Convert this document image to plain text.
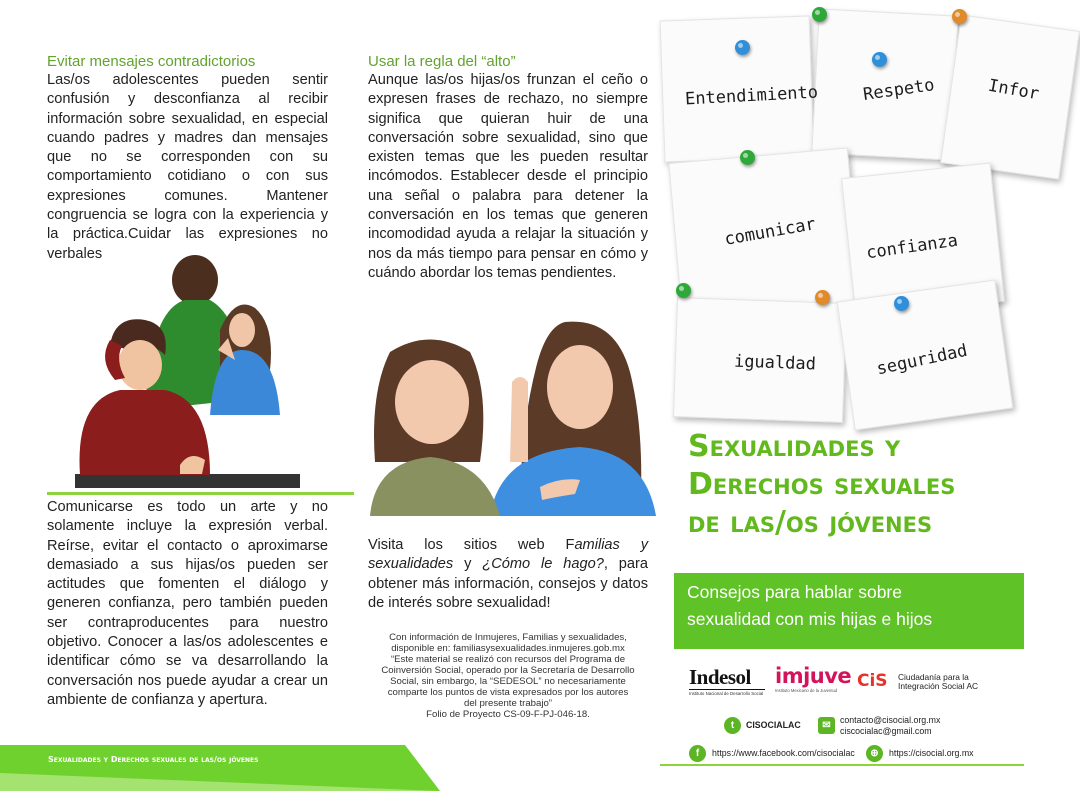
Evitar mensajes contradictorios
Las/os adolescentes pueden sentir confusión y desconfianza al recibir información sobre sexualidad, en especial cuando padres y madres dan mensajes que no se corresponden con su comportamiento cotidiano o con sus expresiones comunes. Mantener congruencia se logra con la experiencia y la práctica.Cuidar las expresiones no verbales
Comunicarse es todo un arte y no solamente incluye la expresión verbal. Reírse, evitar el contacto o aproximarse demasiado a sus hijas/os pueden ser actitudes que fomenten el diálogo y generen confianza, pero también pueden ser contraproducentes para nuestro objetivo. Conocer a las/os adolescentes e identificar cómo se va desarrollando la conversación nos puede ayudar a crear un ambiente de confianza y apertura.
Sexualidades y Derechos sexuales de las/os jóvenes
Usar la regla del “alto”
Aunque las/os hijas/os frunzan el ceño o expresen frases de rechazo, no siempre significa que quieran huir de una conversación sobre sexualidad, sino que existen temas que les pueden resultar incómodos. Establecer desde el principio una señal o palabra para detener la conversación en los temas que generen incomodidad ayuda a relajar la situación y nos da más tiempo para pensar en cómo y cuándo abordar los temas pendientes.
Visita los sitios web Familias y sexualidades y ¿Cómo le hago?, para obtener más información, consejos y datos de interés sobre sexualidad!
Con información de Inmujeres, Familias y sexualidades,
disponible en: familiasysexualidades.inmujeres.gob.mx
“Este material se realizó con recursos del Programa de
Coinversión Social, operado por la Secretaría de Desarrollo
Social, sin embargo, la “SEDESOL” no necesariamente
comparte los puntos de vista expresados por los autores
del presente trabajo”
Folio de Proyecto CS-09-F-PJ-046-18.
Entendimiento	Respeto	Infor
comunicar	confianza
igualdad	seguridad
Sexualidades y
Derechos sexuales
de las/os jóvenes
Consejos para hablar sobre
sexualidad con mis hijas e hijos
Indesol
Instituto Nacional de Desarrollo Social
imjuve
Instituto Mexicano de la Juventud	CiS Ciudadanía para la
Integración Social AC
t	CISOCIALAC	✉	contacto@cisocial.org.mx
ciscocialac@gmail.com
f	https://www.facebook.com/cisocialac	⊕	https://cisocial.org.mx
